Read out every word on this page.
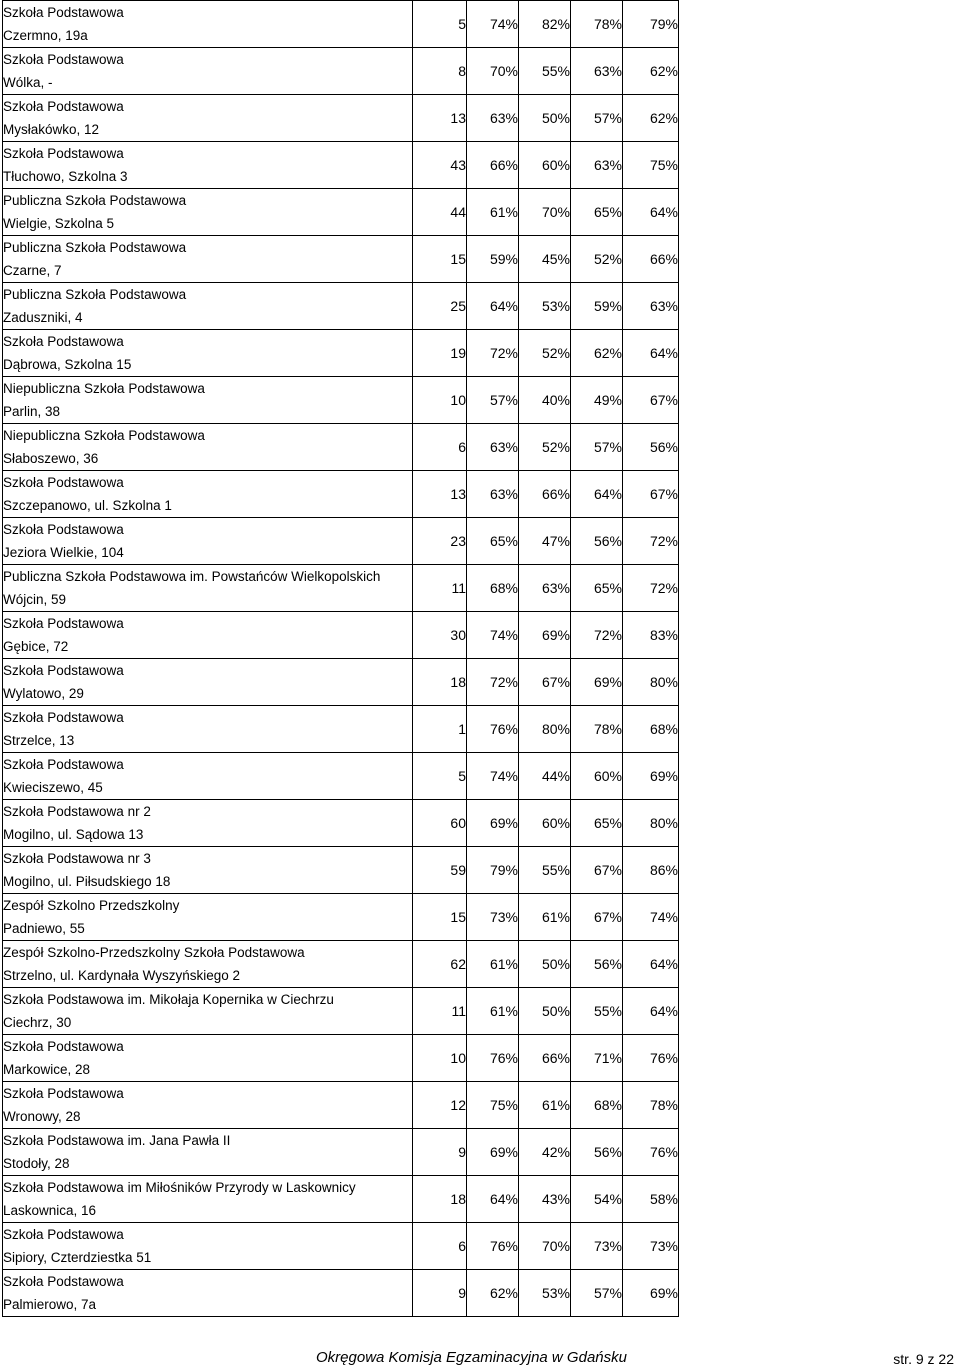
Szkoła Podstawowa
Czermno, 19a	5	74%	82%	78%	79%

Szkoła Podstawowa
Wólka, -	8	70%	55%	63%	62%

Szkoła Podstawowa
Mysłakówko, 12	13	63%	50%	57%	62%

Szkoła Podstawowa
Tłuchowo, Szkolna 3	43	66%	60%	63%	75%

Publiczna Szkoła Podstawowa
Wielgie, Szkolna 5	44	61%	70%	65%	64%

Publiczna Szkoła Podstawowa
Czarne, 7	15	59%	45%	52%	66%

Publiczna Szkoła Podstawowa
Zaduszniki, 4	25	64%	53%	59%	63%

Szkoła Podstawowa
Dąbrowa, Szkolna 15	19	72%	52%	62%	64%

Niepubliczna Szkoła Podstawowa
Parlin, 38	10	57%	40%	49%	67%

Niepubliczna Szkoła Podstawowa
Słaboszewo, 36	6	63%	52%	57%	56%

Szkoła Podstawowa
Szczepanowo, ul. Szkolna 1	13	63%	66%	64%	67%

Szkoła Podstawowa
Jeziora Wielkie, 104	23	65%	47%	56%	72%

Publiczna Szkoła Podstawowa im. Powstańców Wielkopolskich
Wójcin, 59	11	68%	63%	65%	72%

Szkoła Podstawowa
Gębice, 72	30	74%	69%	72%	83%

Szkoła Podstawowa
Wylatowo, 29	18	72%	67%	69%	80%

Szkoła Podstawowa
Strzelce, 13	1	76%	80%	78%	68%

Szkoła Podstawowa
Kwieciszewo, 45	5	74%	44%	60%	69%

Szkoła Podstawowa nr 2
Mogilno, ul. Sądowa 13	60	69%	60%	65%	80%

Szkoła Podstawowa nr 3
Mogilno, ul. Piłsudskiego 18	59	79%	55%	67%	86%

Zespół Szkolno Przedszkolny
Padniewo, 55	15	73%	61%	67%	74%

Zespół Szkolno-Przedszkolny Szkoła Podstawowa
Strzelno, ul. Kardynała Wyszyńskiego 2	62	61%	50%	56%	64%

Szkoła Podstawowa im. Mikołaja Kopernika w Ciechrzu
Ciechrz, 30	11	61%	50%	55%	64%

Szkoła Podstawowa
Markowice, 28	10	76%	66%	71%	76%

Szkoła Podstawowa
Wronowy, 28	12	75%	61%	68%	78%

Szkoła Podstawowa im. Jana Pawła II
Stodoły, 28	9	69%	42%	56%	76%

Szkoła Podstawowa im Miłośników Przyrody w Laskownicy
Laskownica, 16	18	64%	43%	54%	58%

Szkoła Podstawowa
Sipiory, Czterdziestka 51	6	76%	70%	73%	73%

Szkoła Podstawowa
Palmierowo, 7a	9	62%	53%	57%	69%
Okręgowa Komisja Egzaminacyjna w Gdańsku	str. 9 z 22
